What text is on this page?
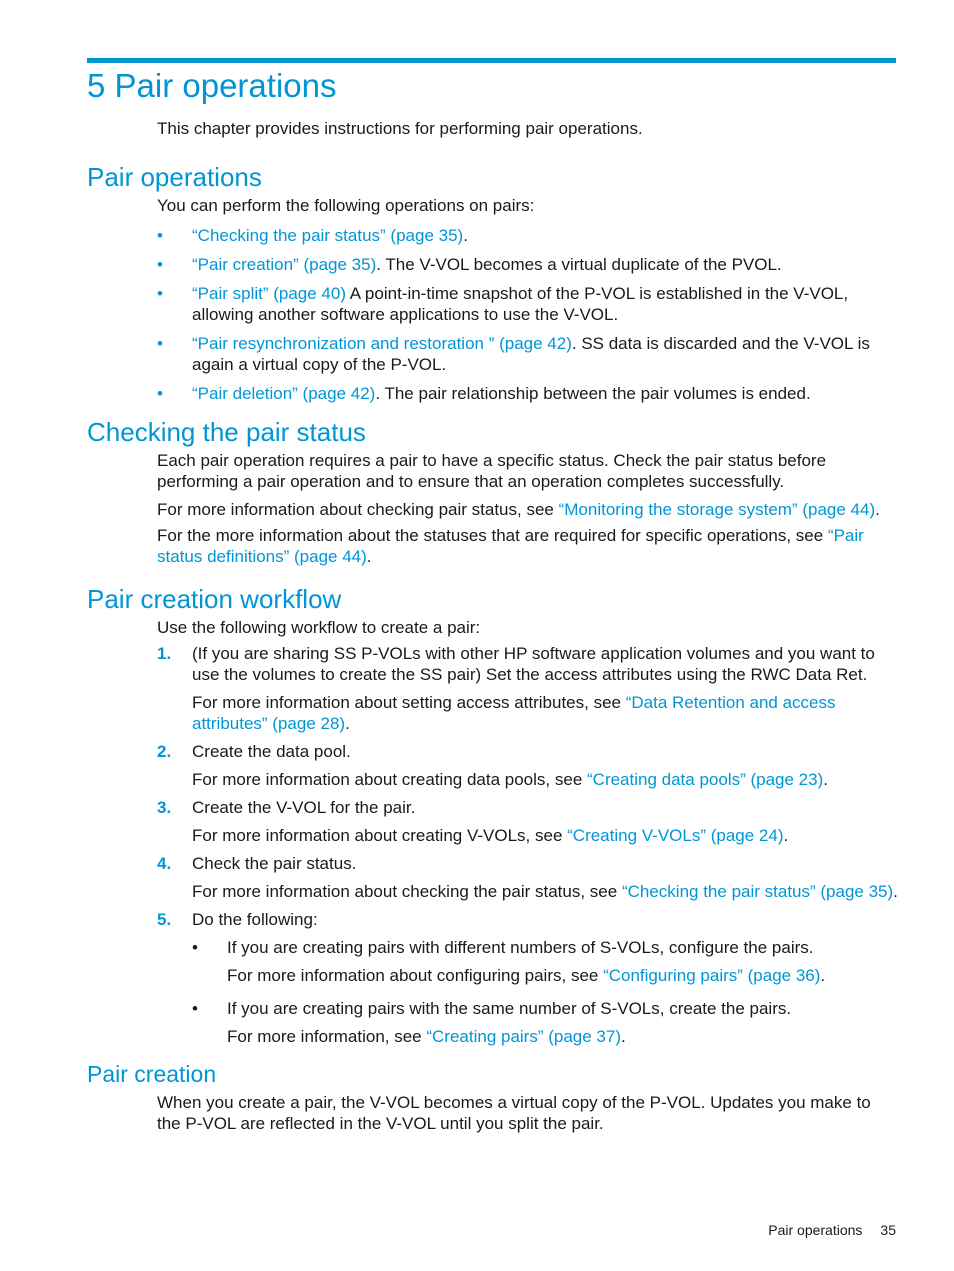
5 Pair operations

This chapter provides instructions for performing pair operations.

Pair operations

You can perform the following operations on pairs:

• “Checking the pair status” (page 35).
• “Pair creation” (page 35). The V-VOL becomes a virtual duplicate of the PVOL.
• “Pair split” (page 40) A point-in-time snapshot of the P-VOL is established in the V-VOL, allowing another software applications to use the V-VOL.
• “Pair resynchronization and restoration ” (page 42). SS data is discarded and the V-VOL is again a virtual copy of the P-VOL.
• “Pair deletion” (page 42). The pair relationship between the pair volumes is ended.
Checking the pair status

Each pair operation requires a pair to have a specific status. Check the pair status before performing a pair operation and to ensure that an operation completes successfully.

For more information about checking pair status, see “Monitoring the storage system” (page 44).

For the more information about the statuses that are required for specific operations, see “Pair status definitions” (page 44).

Pair creation workflow

Use the following workflow to create a pair:

1. (If you are sharing SS P-VOLs with other HP software application volumes and you want to use the volumes to create the SS pair) Set the access attributes using the RWC Data Ret.

For more information about setting access attributes, see “Data Retention and access attributes” (page 28).

2. Create the data pool.

For more information about creating data pools, see “Creating data pools” (page 23).

3. Create the V-VOL for the pair.

For more information about creating V-VOLs, see “Creating V-VOLs” (page 24).

4. Check the pair status.

For more information about checking the pair status, see “Checking the pair status” (page 35).

5. Do the following:

• If you are creating pairs with different numbers of S-VOLs, configure the pairs.

For more information about configuring pairs, see “Configuring pairs” (page 36).

• If you are creating pairs with the same number of S-VOLs, create the pairs.

For more information, see “Creating pairs” (page 37).

Pair creation

When you create a pair, the V-VOL becomes a virtual copy of the P-VOL. Updates you make to the P-VOL are reflected in the V-VOL until you split the pair.

Pair operations 35
